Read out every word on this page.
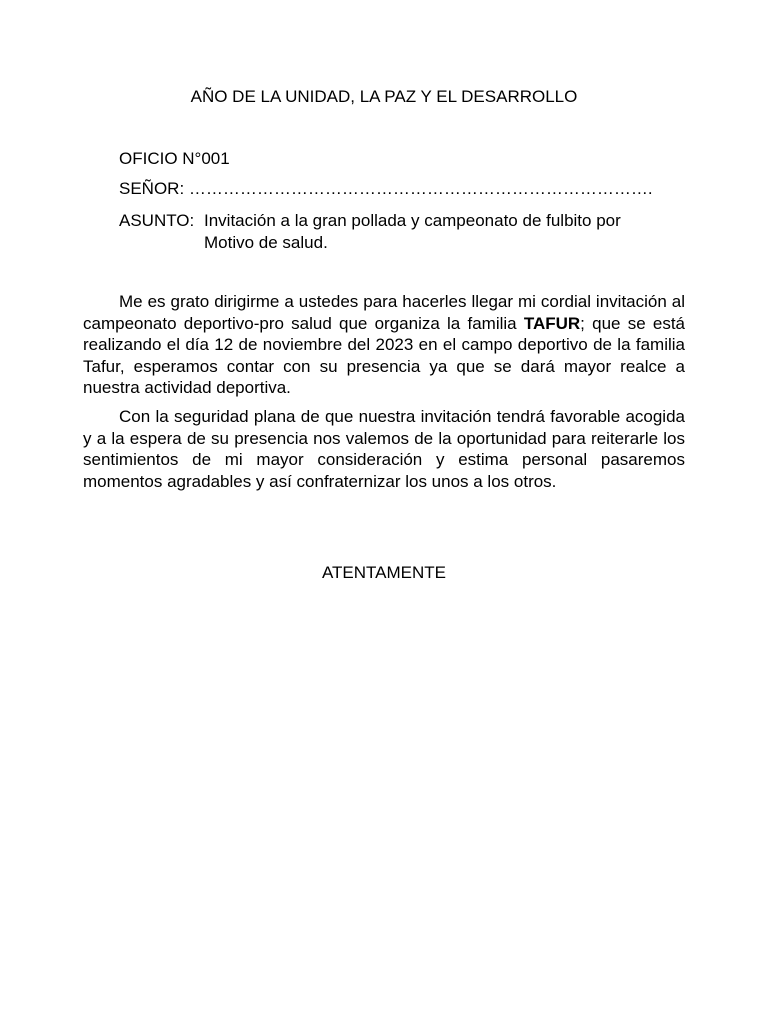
AÑO DE LA UNIDAD, LA PAZ Y EL DESARROLLO
OFICIO N°001
SEÑOR: ……………………………………………………………………….
ASUNTO: Invitación a la gran pollada y campeonato de fulbito por Motivo de salud.
Me es grato dirigirme a ustedes para hacerles llegar mi cordial invitación al campeonato deportivo-pro salud que organiza la familia TAFUR; que se está realizando el día 12 de noviembre del 2023 en el campo deportivo de la familia Tafur, esperamos contar con su presencia ya que se dará mayor realce a nuestra actividad deportiva.
Con la seguridad plana de que nuestra invitación tendrá favorable acogida y a la espera de su presencia nos valemos de la oportunidad para reiterarle los sentimientos de mi mayor consideración y estima personal pasaremos momentos agradables y así confraternizar los unos a los otros.
ATENTAMENTE
